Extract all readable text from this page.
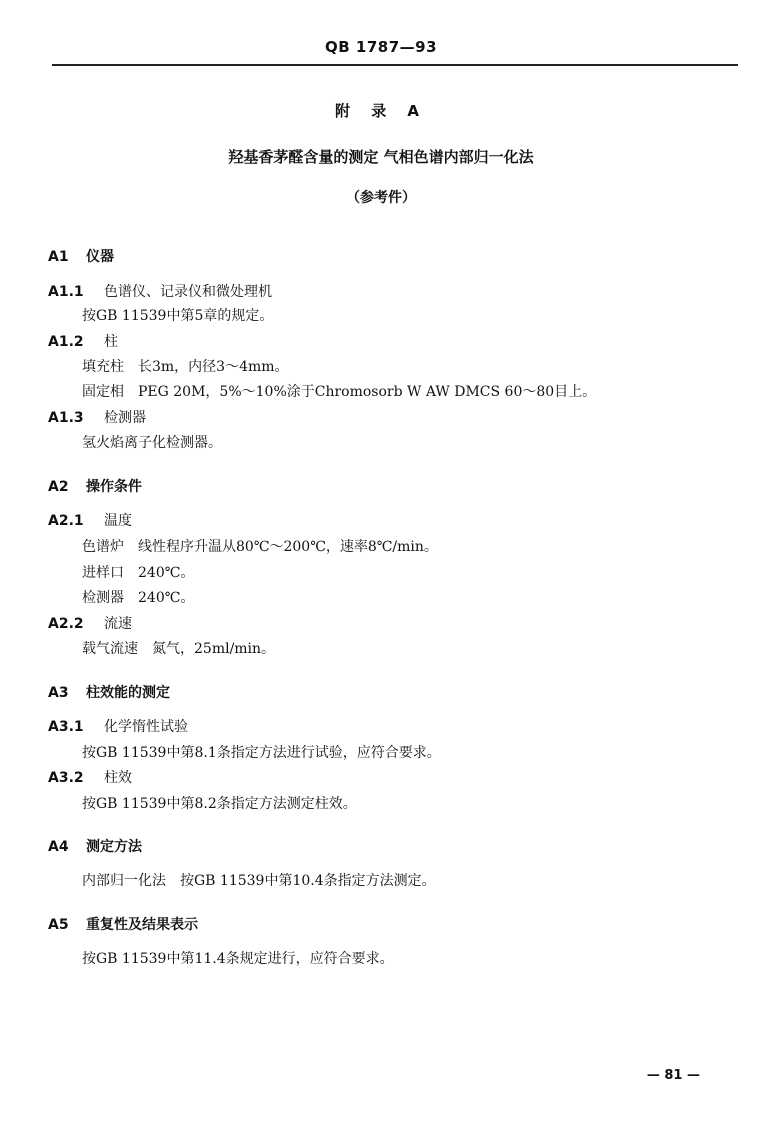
QB 1787—93
附 录 A
羟基香茅醛含量的测定 气相色谱内部归一化法
（参考件）
A1 仪器
A1.1 色谱仪、记录仪和微处理机
按GB 11539中第5章的规定。
A1.2 柱
填充柱 长3m，内径3～4mm。
固定相 PEG 20M，5%～10%涂于Chromosorb W AW DMCS 60～80目上。
A1.3 检测器
氢火焰离子化检测器。
A2 操作条件
A2.1 温度
色谱炉 线性程序升温从80℃～200℃，速率8℃/min。
进样口 240℃。
检测器 240℃。
A2.2 流速
载气流速 氮气，25ml/min。
A3 柱效能的测定
A3.1 化学惰性试验
按GB 11539中第8.1条指定方法进行试验，应符合要求。
A3.2 柱效
按GB 11539中第8.2条指定方法测定柱效。
A4 测定方法
内部归一化法 按GB 11539中第10.4条指定方法测定。
A5 重复性及结果表示
按GB 11539中第11.4条规定进行，应符合要求。
— 81 —
